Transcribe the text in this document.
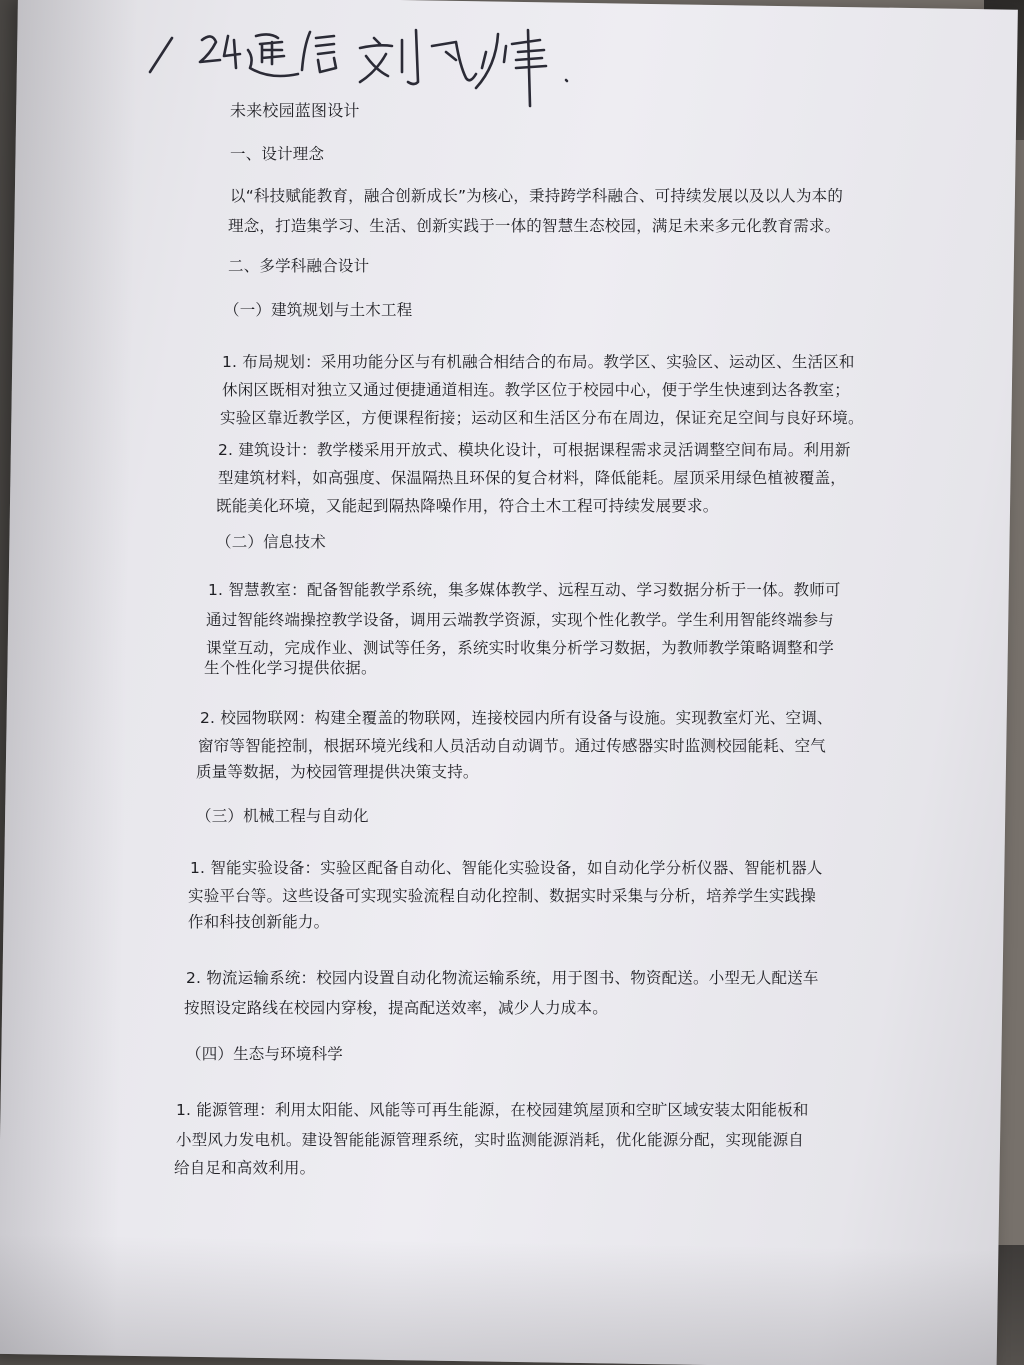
未来校园蓝图设计
一、设计理念
以“科技赋能教育，融合创新成长”为核心，秉持跨学科融合、可持续发展以及以人为本的
理念，打造集学习、生活、创新实践于一体的智慧生态校园，满足未来多元化教育需求。
二、多学科融合设计
（一）建筑规划与土木工程
1. 布局规划：采用功能分区与有机融合相结合的布局。教学区、实验区、运动区、生活区和
休闲区既相对独立又通过便捷通道相连。教学区位于校园中心，便于学生快速到达各教室；
实验区靠近教学区，方便课程衔接；运动区和生活区分布在周边，保证充足空间与良好环境。
2. 建筑设计：教学楼采用开放式、模块化设计，可根据课程需求灵活调整空间布局。利用新
型建筑材料，如高强度、保温隔热且环保的复合材料，降低能耗。屋顶采用绿色植被覆盖，
既能美化环境，又能起到隔热降噪作用，符合土木工程可持续发展要求。
（二）信息技术
1. 智慧教室：配备智能教学系统，集多媒体教学、远程互动、学习数据分析于一体。教师可
通过智能终端操控教学设备，调用云端教学资源，实现个性化教学。学生利用智能终端参与
课堂互动，完成作业、测试等任务，系统实时收集分析学习数据，为教师教学策略调整和学
生个性化学习提供依据。
2. 校园物联网：构建全覆盖的物联网，连接校园内所有设备与设施。实现教室灯光、空调、
窗帘等智能控制，根据环境光线和人员活动自动调节。通过传感器实时监测校园能耗、空气
质量等数据，为校园管理提供决策支持。
（三）机械工程与自动化
1. 智能实验设备：实验区配备自动化、智能化实验设备，如自动化学分析仪器、智能机器人
实验平台等。这些设备可实现实验流程自动化控制、数据实时采集与分析，培养学生实践操
作和科技创新能力。
2. 物流运输系统：校园内设置自动化物流运输系统，用于图书、物资配送。小型无人配送车
按照设定路线在校园内穿梭，提高配送效率，减少人力成本。
（四）生态与环境科学
1. 能源管理：利用太阳能、风能等可再生能源，在校园建筑屋顶和空旷区域安装太阳能板和
小型风力发电机。建设智能能源管理系统，实时监测能源消耗，优化能源分配，实现能源自
给自足和高效利用。
